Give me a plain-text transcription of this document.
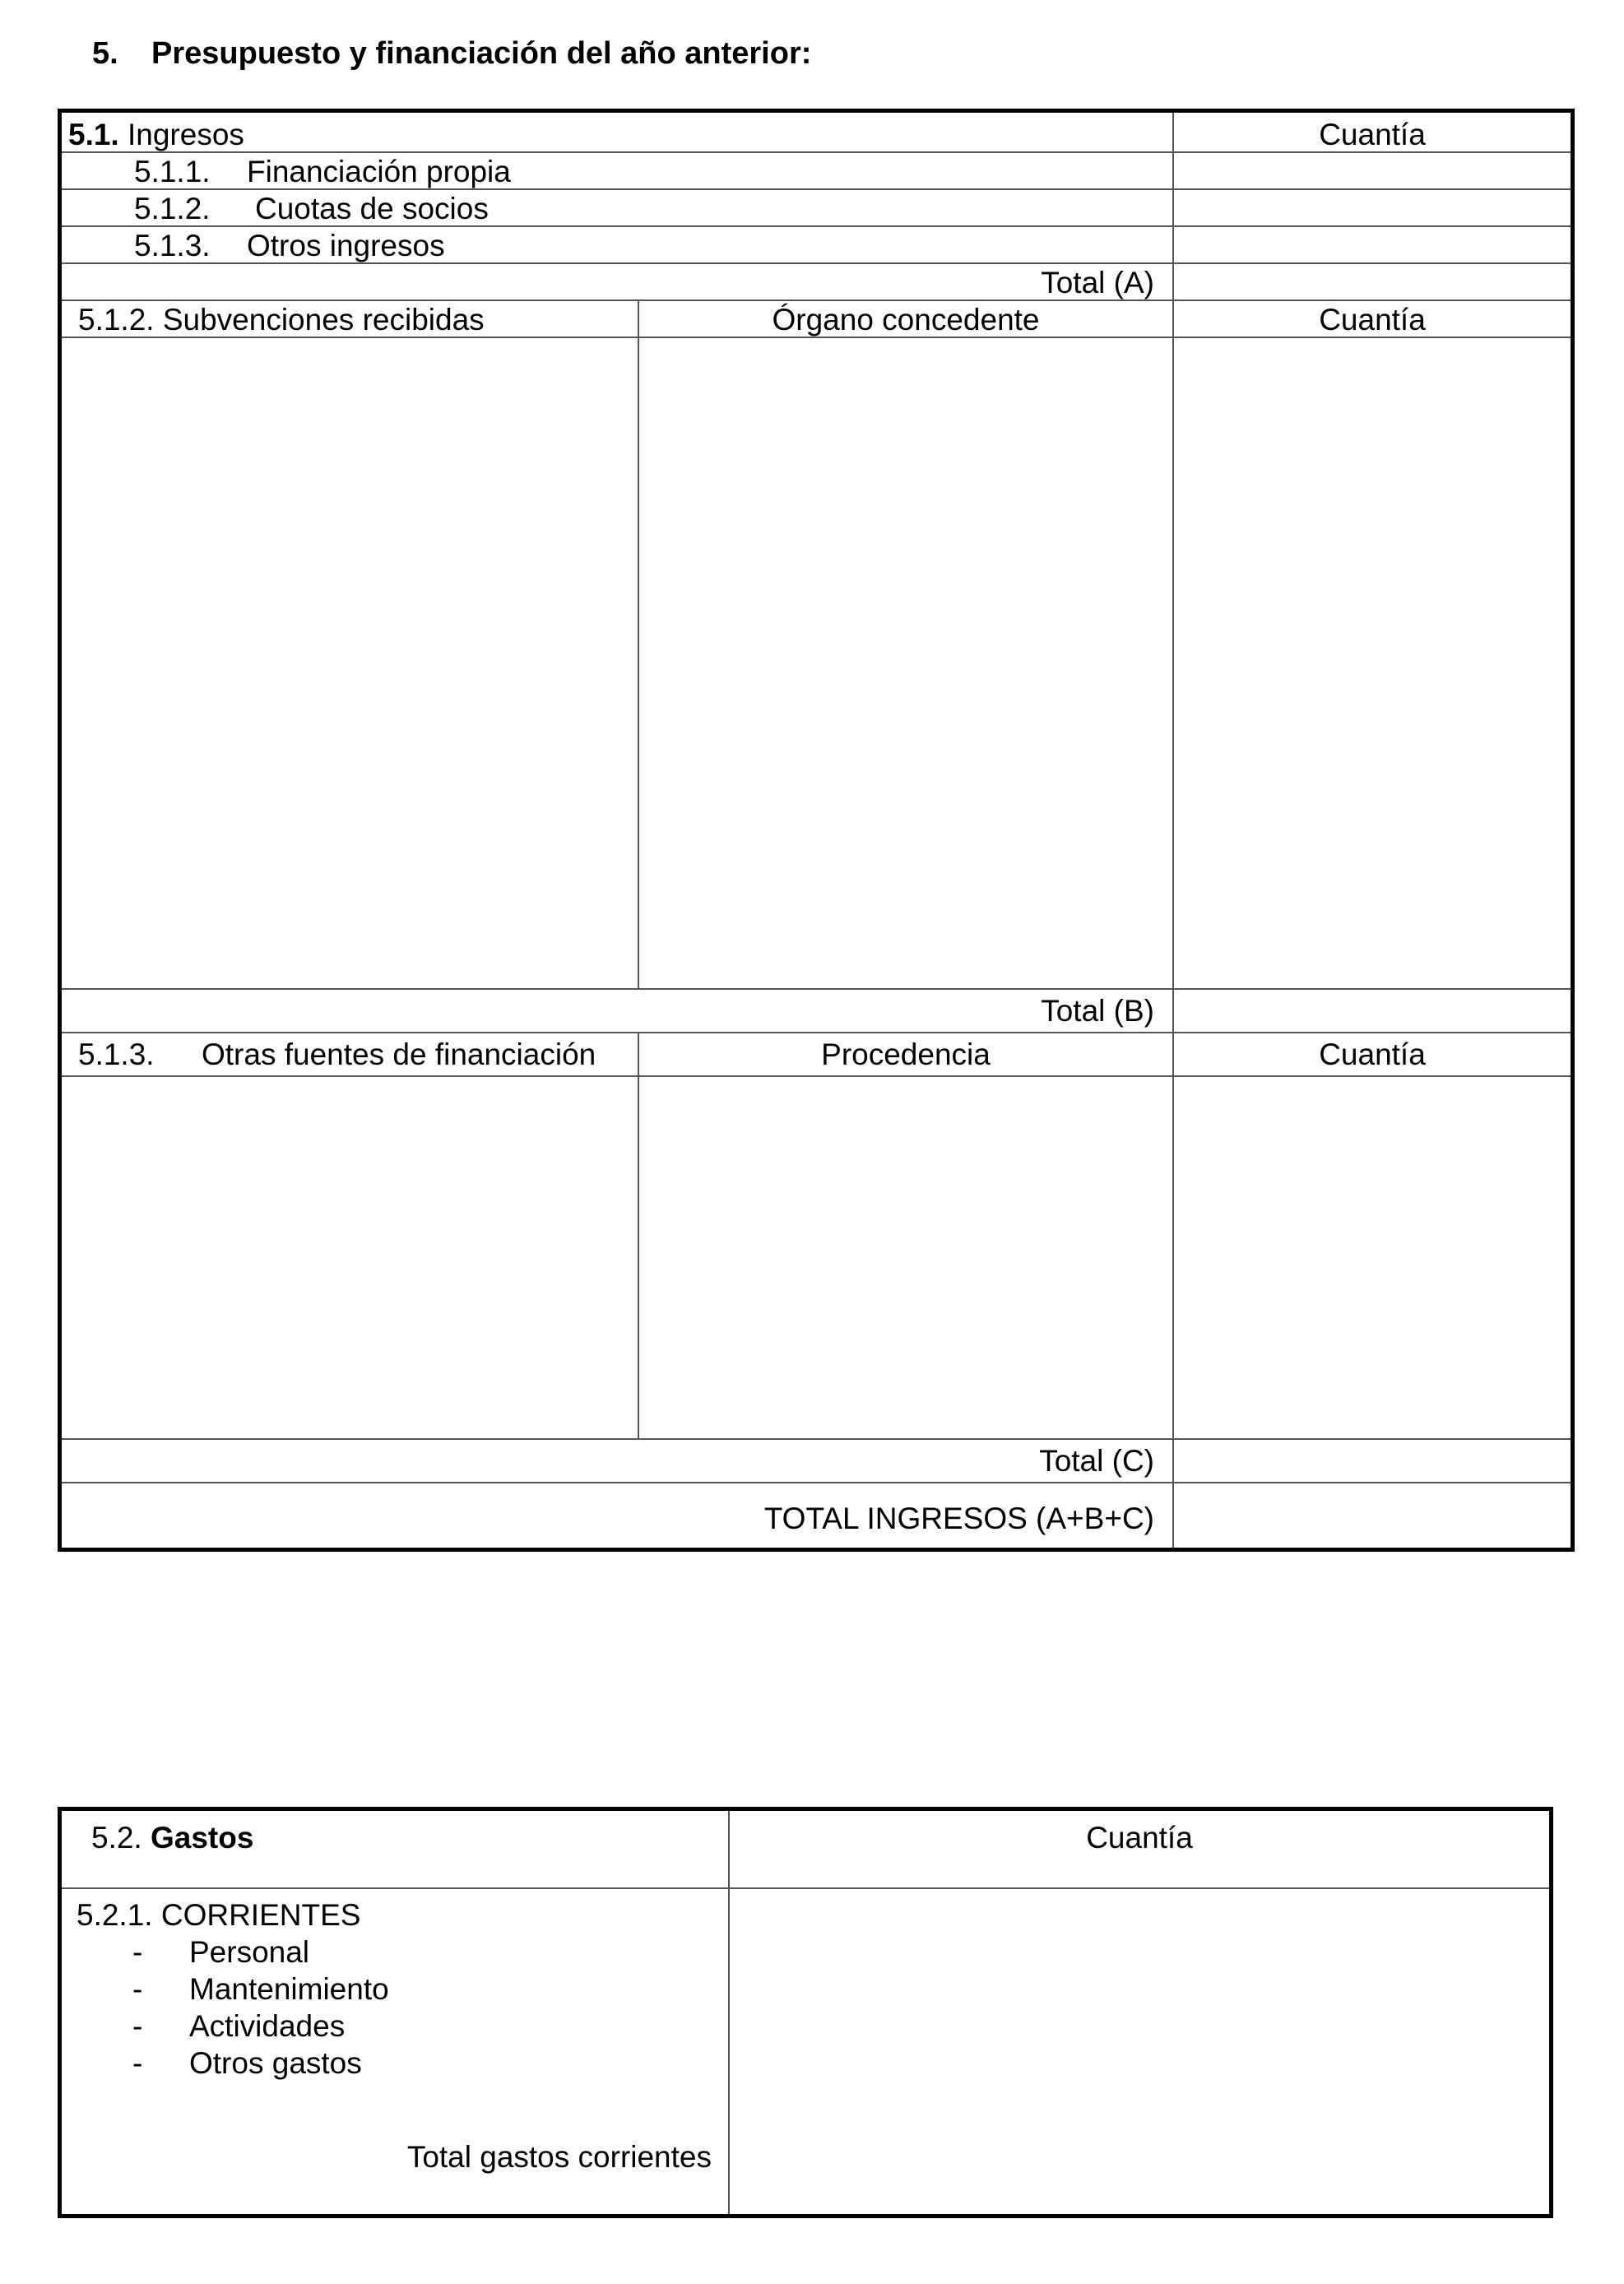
5. Presupuesto y financiación del año anterior:
5.1. Ingresos	Cuantía
5.1.1. Financiación propia
5.1.2. Cuotas de socios
5.1.3. Otros ingresos
Total (A)
5.1.2. Subvenciones recibidas	Órgano concedente	Cuantía
Total (B)
5.1.3. Otras fuentes de financiación	Procedencia	Cuantía
Total (C)
TOTAL INGRESOS (A+B+C)
5.2. Gastos	Cuantía
5.2.1. CORRIENTES
- Personal
- Mantenimiento
- Actividades
- Otros gastos
Total gastos corrientes
